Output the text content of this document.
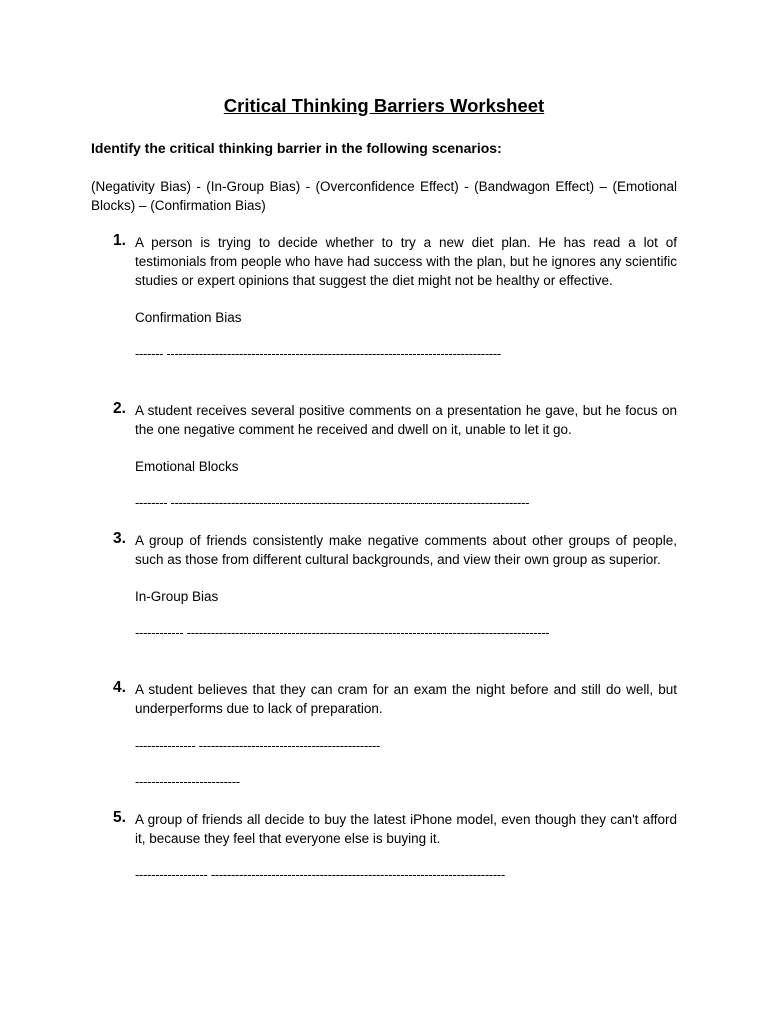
Critical Thinking Barriers Worksheet
Identify the critical thinking barrier in the following scenarios:
(Negativity Bias) - (In-Group Bias) - (Overconfidence Effect) - (Bandwagon Effect) – (Emotional Blocks) – (Confirmation Bias)
1. A person is trying to decide whether to try a new diet plan. He has read a lot of testimonials from people who have had success with the plan, but he ignores any scientific studies or expert opinions that suggest the diet might not be healthy or effective.
Confirmation Bias
------- -----------------------------------------------------------------------------------
2. A student receives several positive comments on a presentation he gave, but he focus on the one negative comment he received and dwell on it, unable to let it go.
Emotional Blocks
-------- -----------------------------------------------------------------------------------------
3. A group of friends consistently make negative comments about other groups of people, such as those from different cultural backgrounds, and view their own group as superior.
In-Group Bias
------------ ------------------------------------------------------------------------------------------
4. A student believes that they can cram for an exam the night before and still do well, but underperforms due to lack of preparation.
--------------- ---------------------------------------------
--------------------------
5. A group of friends all decide to buy the latest iPhone model, even though they can't afford it, because they feel that everyone else is buying it.
------------------ -------------------------------------------------------------------------
